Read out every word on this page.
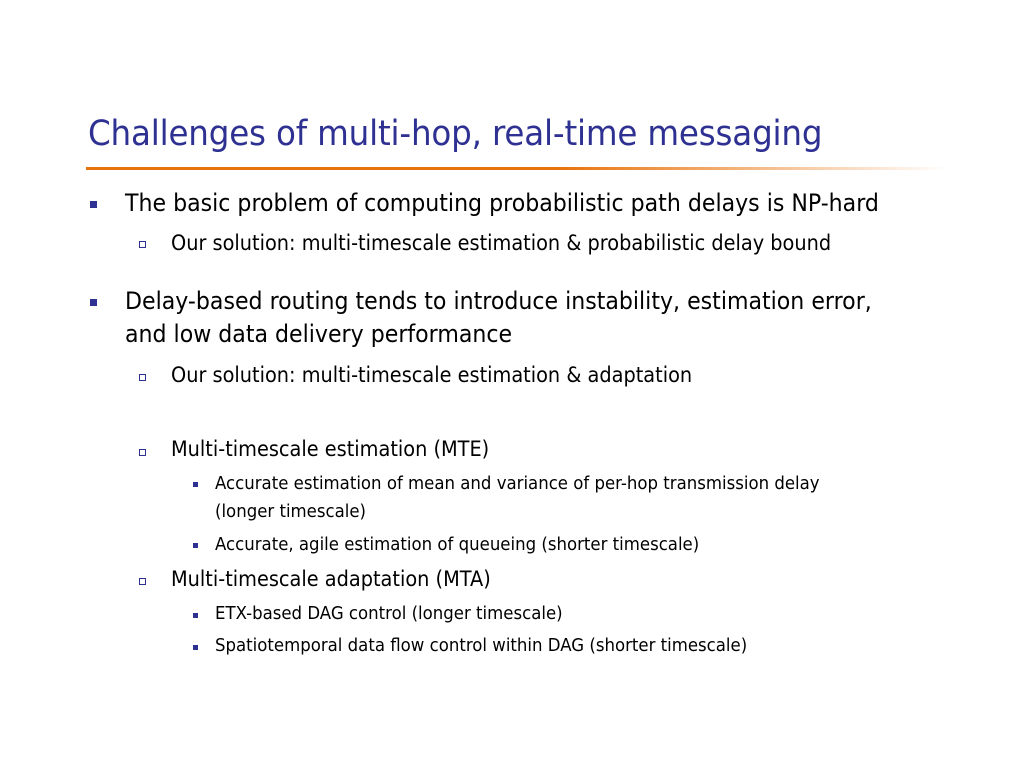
Challenges of multi-hop, real-time messaging
The basic problem of computing probabilistic path delays is NP-hard
Our solution: multi-timescale estimation & probabilistic delay bound
Delay-based routing tends to introduce instability, estimation error,
and low data delivery performance
Our solution: multi-timescale estimation & adaptation
Multi-timescale estimation (MTE)
Accurate estimation of mean and variance of per-hop transmission delay
(longer timescale)
Accurate, agile estimation of queueing (shorter timescale)
Multi-timescale adaptation (MTA)
ETX-based DAG control (longer timescale)
Spatiotemporal data flow control within DAG (shorter timescale)
